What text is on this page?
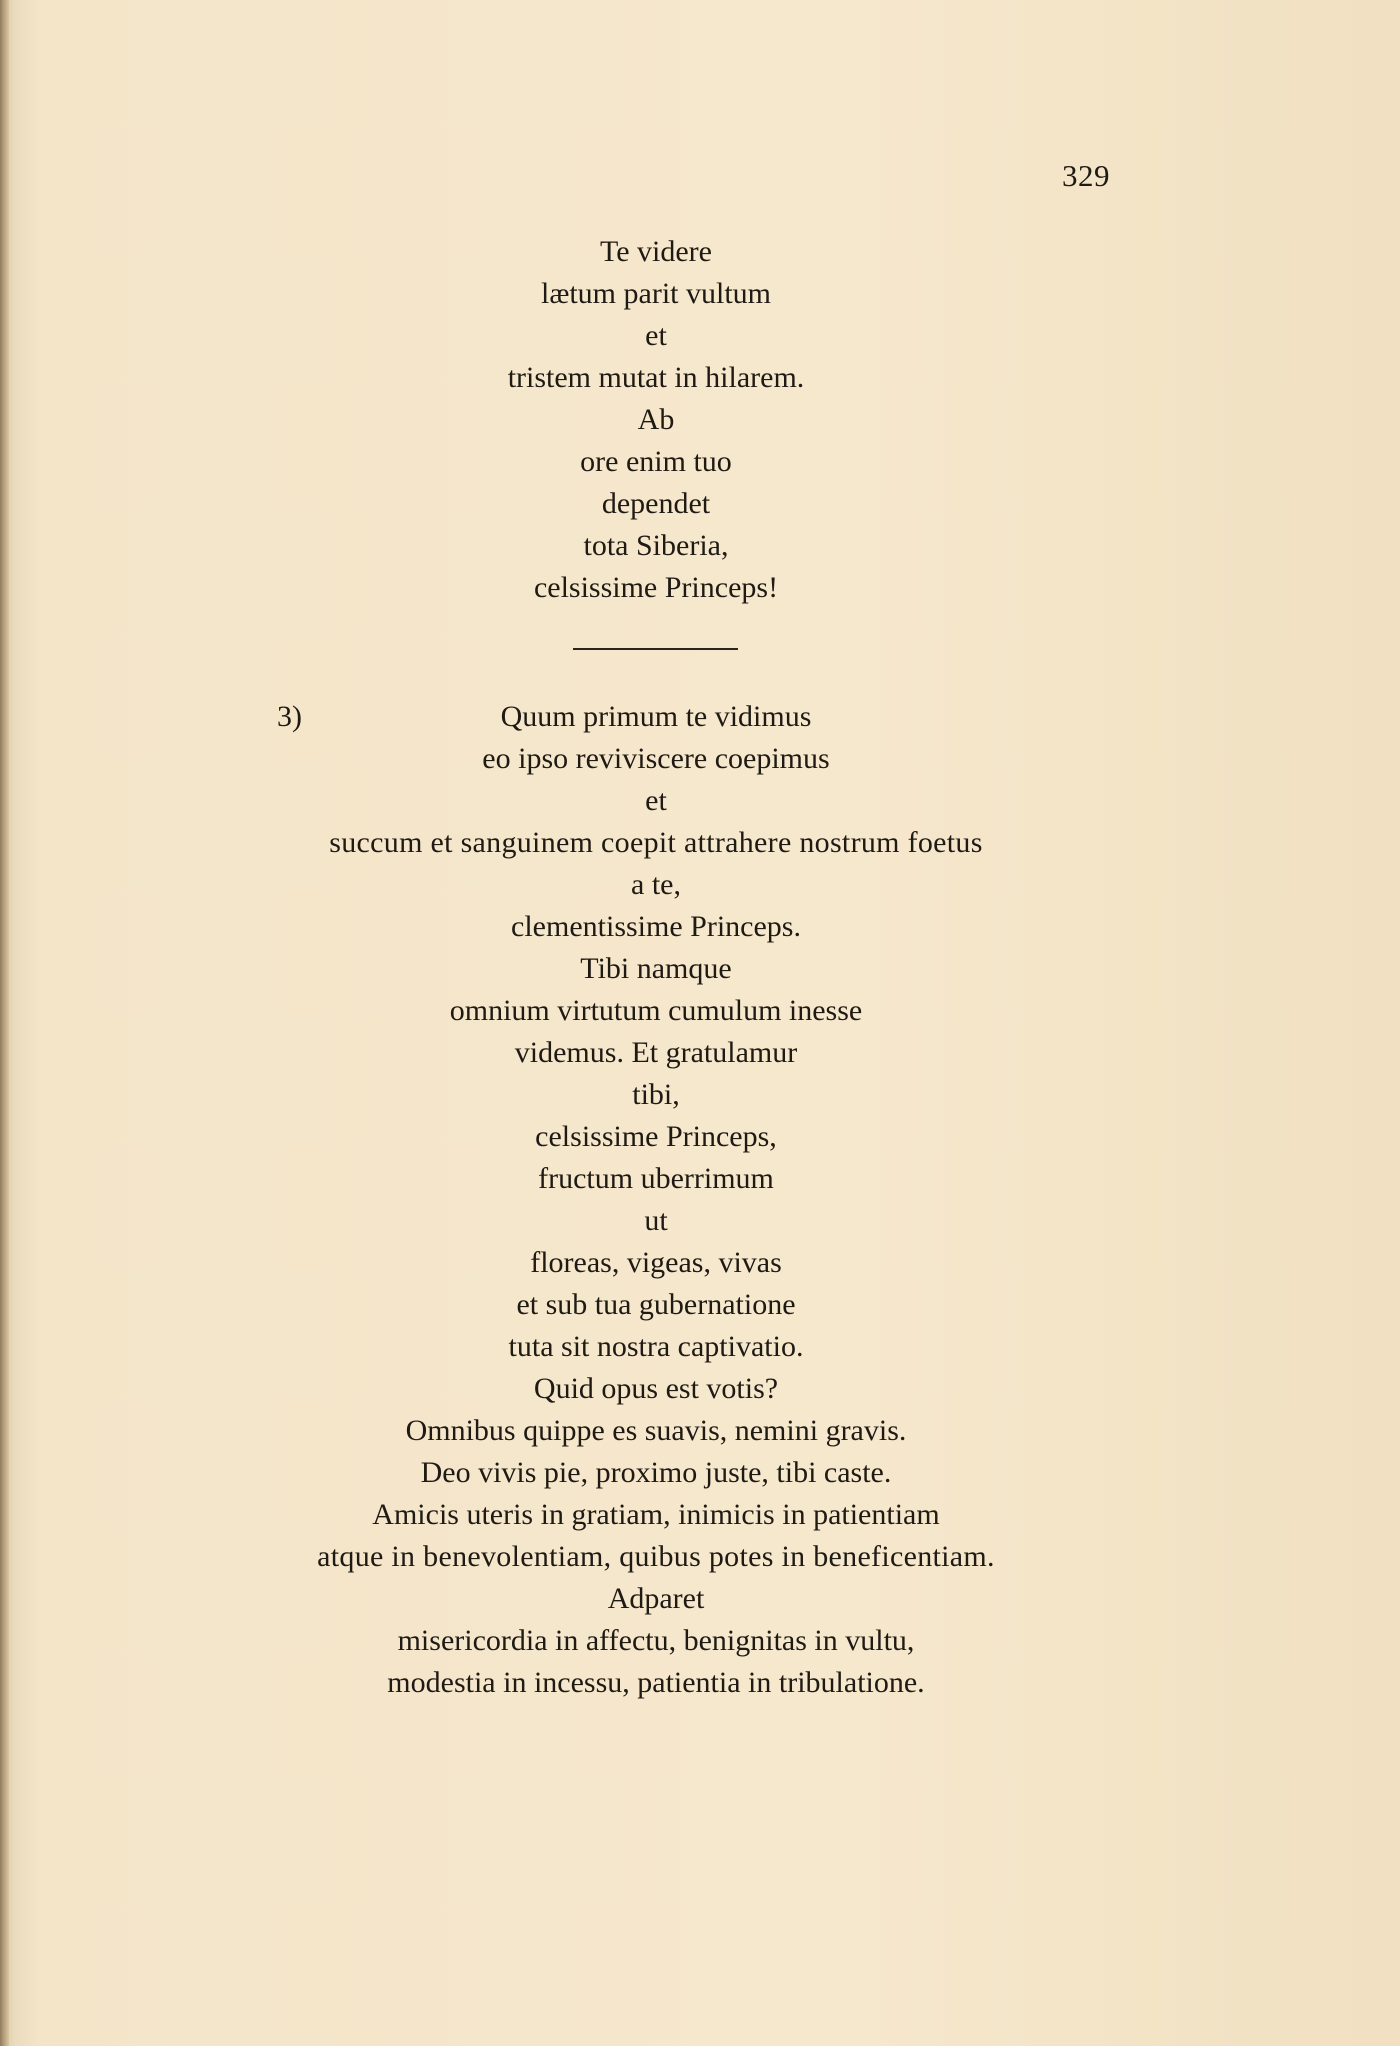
329
Te videre
lætum parit vultum
et
tristem mutat in hilarem.
Ab
ore enim tuo
dependet
tota Siberia,
celsissime Princeps!
3)	Quum primum te vidimus
eo ipso reviviscere coepimus
et
succum et sanguinem coepit attrahere nostrum foetus
a te,
clementissime Princeps.
Tibi namque
omnium virtutum cumulum inesse
videmus. Et gratulamur
tibi,
celsissime Princeps,
fructum uberrimum
ut
floreas, vigeas, vivas
et sub tua gubernatione
tuta sit nostra captivatio.
Quid opus est votis?
Omnibus quippe es suavis, nemini gravis.
Deo vivis pie, proximo juste, tibi caste.
Amicis uteris in gratiam, inimicis in patientiam
atque in benevolentiam, quibus potes in beneficentiam.
Adparet
misericordia in affectu, benignitas in vultu,
modestia in incessu, patientia in tribulatione.
